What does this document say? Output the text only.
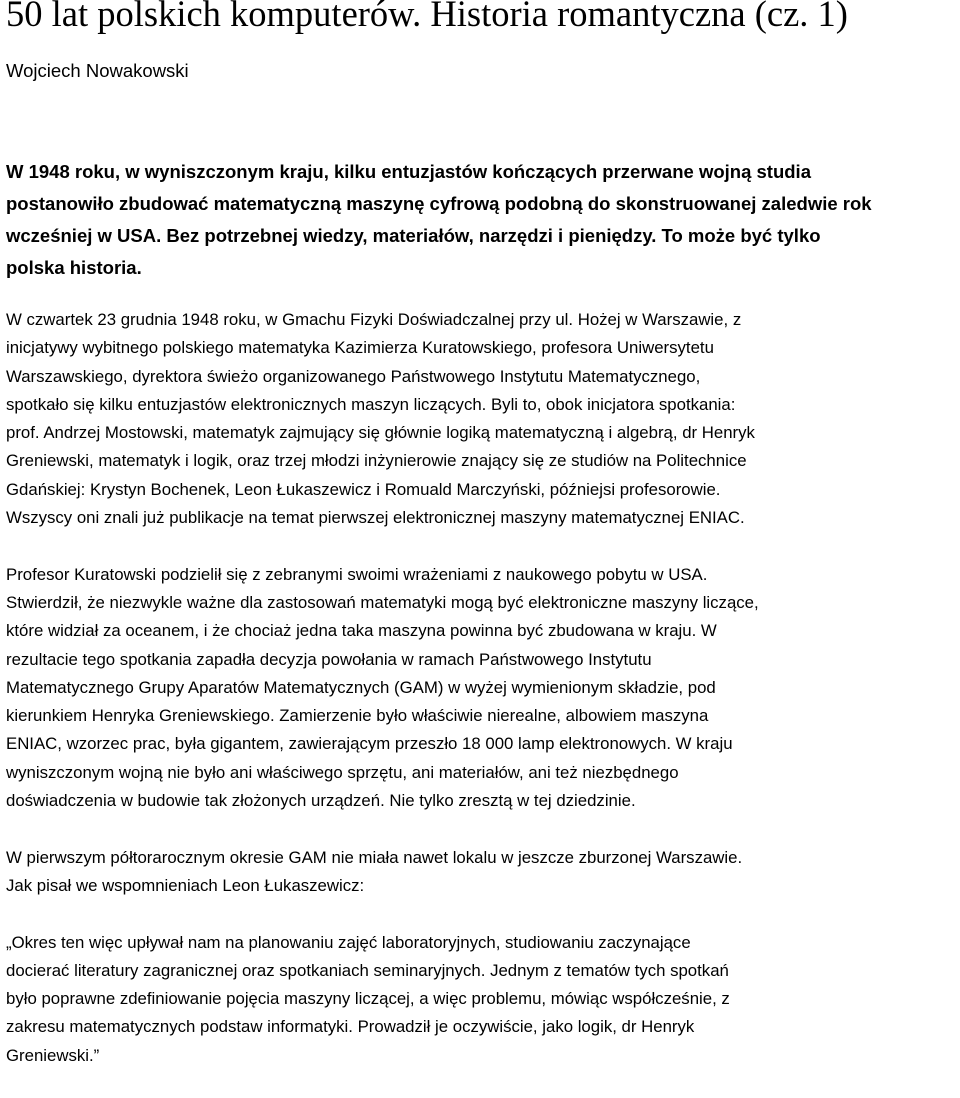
50 lat polskich komputerów. Historia romantyczna (cz. 1)
Wojciech Nowakowski
W 1948 roku, w wyniszczonym kraju, kilku entuzjastów kończących przerwane wojną studia
postanowiło zbudować matematyczną maszynę cyfrową podobną do skonstruowanej zaledwie rok
wcześniej w USA. Bez potrzebnej wiedzy, materiałów, narzędzi i pieniędzy. To może być tylko
polska historia.
W czwartek 23 grudnia 1948 roku, w Gmachu Fizyki Doświadczalnej przy ul. Hożej w Warszawie, z
inicjatywy wybitnego polskiego matematyka Kazimierza Kuratowskiego, profesora Uniwersytetu
Warszawskiego, dyrektora świeżo organizowanego Państwowego Instytutu Matematycznego,
spotkało się kilku entuzjastów elektronicznych maszyn liczących. Byli to, obok inicjatora spotkania:
prof. Andrzej Mostowski, matematyk zajmujący się głównie logiką matematyczną i algebrą, dr Henryk
Greniewski, matematyk i logik, oraz trzej młodzi inżynierowie znający się ze studiów na Politechnice
Gdańskiej: Krystyn Bochenek, Leon Łukaszewicz i Romuald Marczyński, późniejsi profesorowie.
Wszyscy oni znali już publikacje na temat pierwszej elektronicznej maszyny matematycznej ENIAC.
Profesor Kuratowski podzielił się z zebranymi swoimi wrażeniami z naukowego pobytu w USA.
Stwierdził, że niezwykle ważne dla zastosowań matematyki mogą być elektroniczne maszyny liczące,
które widział za oceanem, i że chociaż jedna taka maszyna powinna być zbudowana w kraju. W
rezultacie tego spotkania zapadła decyzja powołania w ramach Państwowego Instytutu
Matematycznego Grupy Aparatów Matematycznych (GAM) w wyżej wymienionym składzie, pod
kierunkiem Henryka Greniewskiego. Zamierzenie było właściwie nierealne, albowiem maszyna
ENIAC, wzorzec prac, była gigantem, zawierającym przeszło 18 000 lamp elektronowych. W kraju
wyniszczonym wojną nie było ani właściwego sprzętu, ani materiałów, ani też niezbędnego
doświadczenia w budowie tak złożonych urządzeń. Nie tylko zresztą w tej dziedzinie.
W pierwszym półtorarocznym okresie GAM nie miała nawet lokalu w jeszcze zburzonej Warszawie.
Jak pisał we wspomnieniach Leon Łukaszewicz:
„Okres ten więc upływał nam na planowaniu zajęć laboratoryjnych, studiowaniu zaczynające
docierać literatury zagranicznej oraz spotkaniach seminaryjnych. Jednym z tematów tych spotkań
było poprawne zdefiniowanie pojęcia maszyny liczącej, a więc problemu, mówiąc współcześnie, z
zakresu matematycznych podstaw informatyki. Prowadził je oczywiście, jako logik, dr Henryk
Greniewski.”
